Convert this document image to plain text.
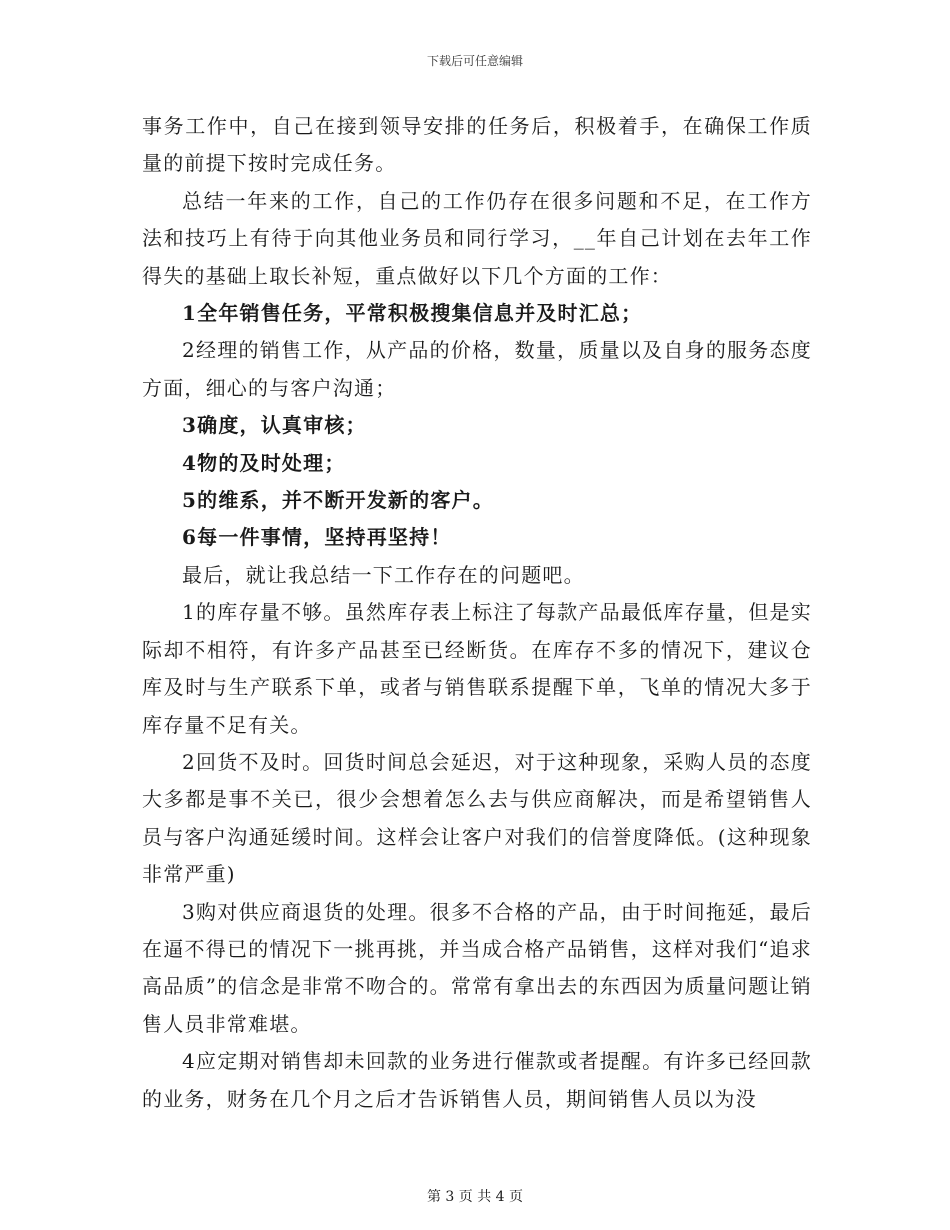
下载后可任意编辑

事务工作中，自己在接到领导安排的任务后，积极着手，在确保工作质量的前提下按时完成任务。

总结一年来的工作，自己的工作仍存在很多问题和不足，在工作方法和技巧上有待于向其他业务员和同行学习，__年自己计划在去年工作得失的基础上取长补短，重点做好以下几个方面的工作：

1全年销售任务，平常积极搜集信息并及时汇总；

2经理的销售工作，从产品的价格，数量，质量以及自身的服务态度方面，细心的与客户沟通；

3确度，认真审核；

4物的及时处理；

5的维系，并不断开发新的客户。

6每一件事情，坚持再坚持！

最后，就让我总结一下工作存在的问题吧。

1的库存量不够。虽然库存表上标注了每款产品最低库存量，但是实际却不相符，有许多产品甚至已经断货。在库存不多的情况下，建议仓库及时与生产联系下单，或者与销售联系提醒下单，飞单的情况大多于库存量不足有关。

2回货不及时。回货时间总会延迟，对于这种现象，采购人员的态度大多都是事不关已，很少会想着怎么去与供应商解决，而是希望销售人员与客户沟通延缓时间。这样会让客户对我们的信誉度降低。(这种现象非常严重)

3购对供应商退货的处理。很多不合格的产品，由于时间拖延，最后在逼不得已的情况下一挑再挑，并当成合格产品销售，这样对我们“追求高品质”的信念是非常不吻合的。常常有拿出去的东西因为质量问题让销售人员非常难堪。

4应定期对销售却未回款的业务进行催款或者提醒。有许多已经回款的业务，财务在几个月之后才告诉销售人员，期间销售人员以为没

第 3 页 共 4 页
